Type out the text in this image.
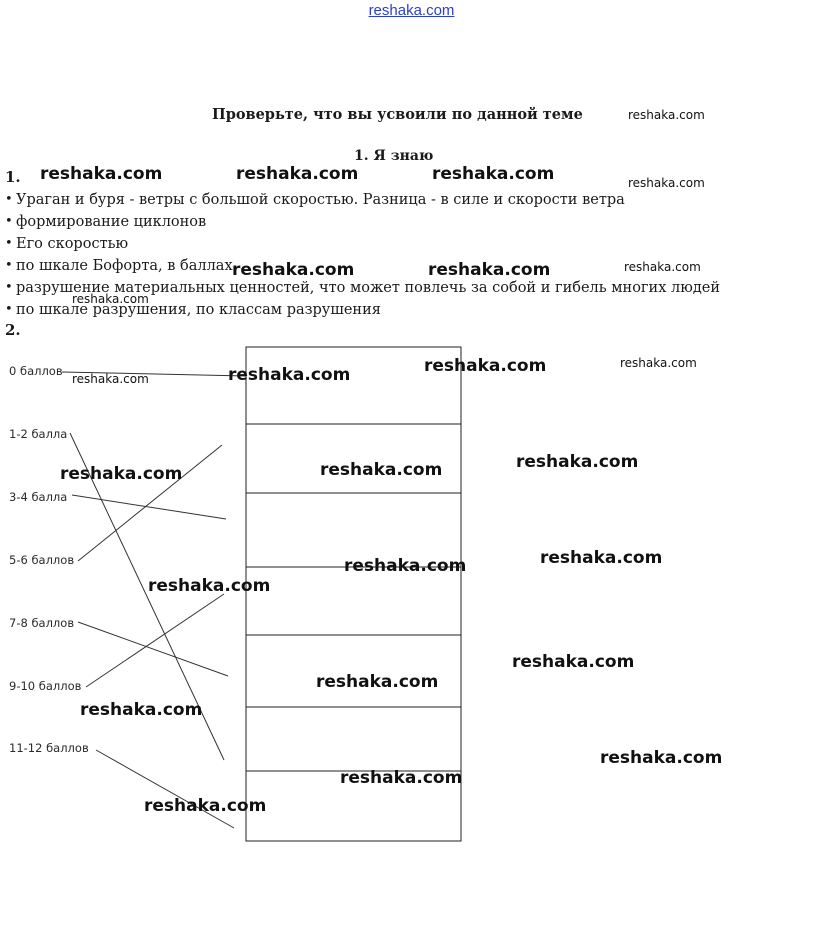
reshaka.com
Проверьте, что вы усвоили по данной теме
1. Я знаю
1.
• Ураган и буря - ветры с большой скоростью. Разница - в силе и скорости ветра
• формирование циклонов
• Его скоростью
• по шкале Бофорта, в баллах
• разрушение материальных ценностей, что может повлечь за собой и гибель многих людей
• по шкале разрушения, по классам разрушения
2.
0 баллов
1-2 балла
3-4 балла
5-6 баллов
7-8 баллов
9-10 баллов
11-12 баллов
reshaka.com
reshaka.com	reshaka.com	reshaka.com	reshaka.com
reshaka.com	reshaka.com	reshaka.com
reshaka.com
reshaka.com	reshaka.com
reshaka.com
reshaka.com
reshaka.com
reshaka.com
reshaka.com
reshaka.com
reshaka.com
reshaka.com
reshaka.com
reshaka.com
reshaka.com
reshaka.com
reshaka.com
reshaka.com
